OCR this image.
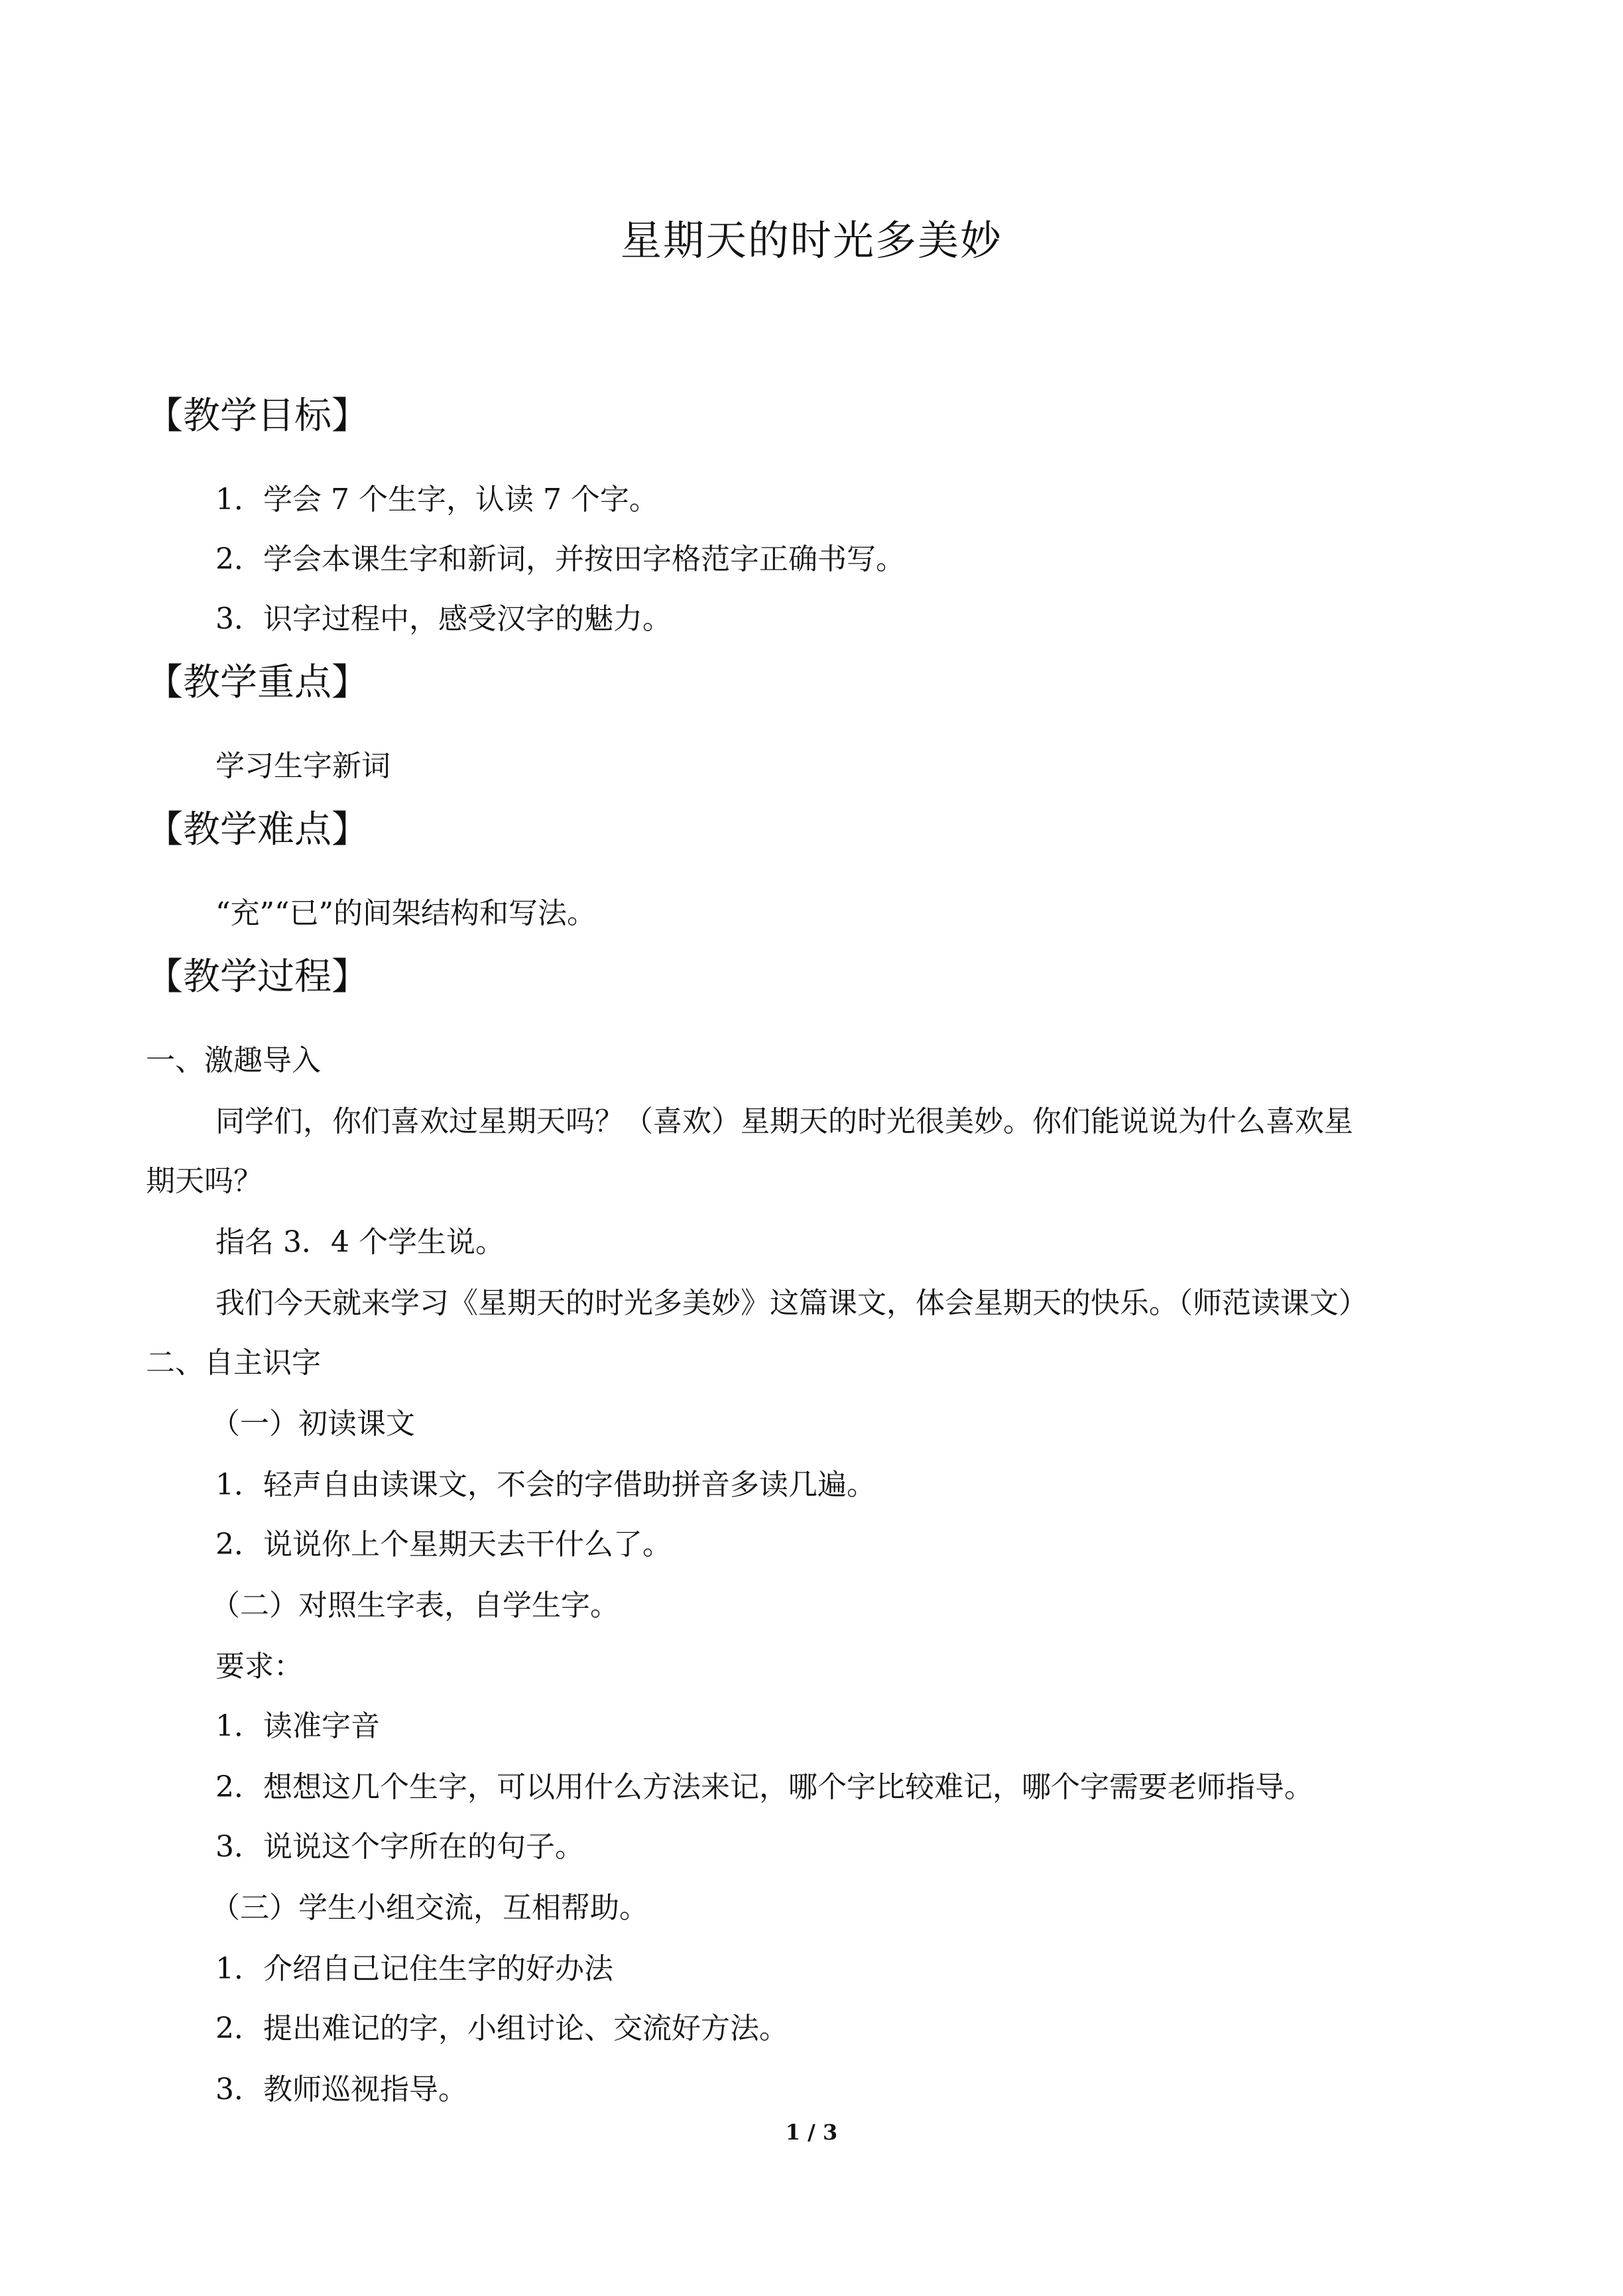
星期天的时光多美妙
【教学目标】
1．学会 7 个生字，认读 7 个字。
2．学会本课生字和新词，并按田字格范字正确书写。
3．识字过程中，感受汉字的魅力。
【教学重点】
学习生字新词
【教学难点】
“充”“已”的间架结构和写法。
【教学过程】
一、激趣导入
同学们，你们喜欢过星期天吗？（喜欢）星期天的时光很美妙。你们能说说为什么喜欢星
期天吗？
指名 3．4 个学生说。
我们今天就来学习《星期天的时光多美妙》这篇课文，体会星期天的快乐。（师范读课文）
二、自主识字
（一）初读课文
1．轻声自由读课文，不会的字借助拼音多读几遍。
2．说说你上个星期天去干什么了。
（二）对照生字表，自学生字。
要求：
1．读准字音
2．想想这几个生字，可以用什么方法来记，哪个字比较难记，哪个字需要老师指导。
3．说说这个字所在的句子。
（三）学生小组交流，互相帮助。
1．介绍自己记住生字的好办法
2．提出难记的字，小组讨论、交流好方法。
3．教师巡视指导。
1 / 3
